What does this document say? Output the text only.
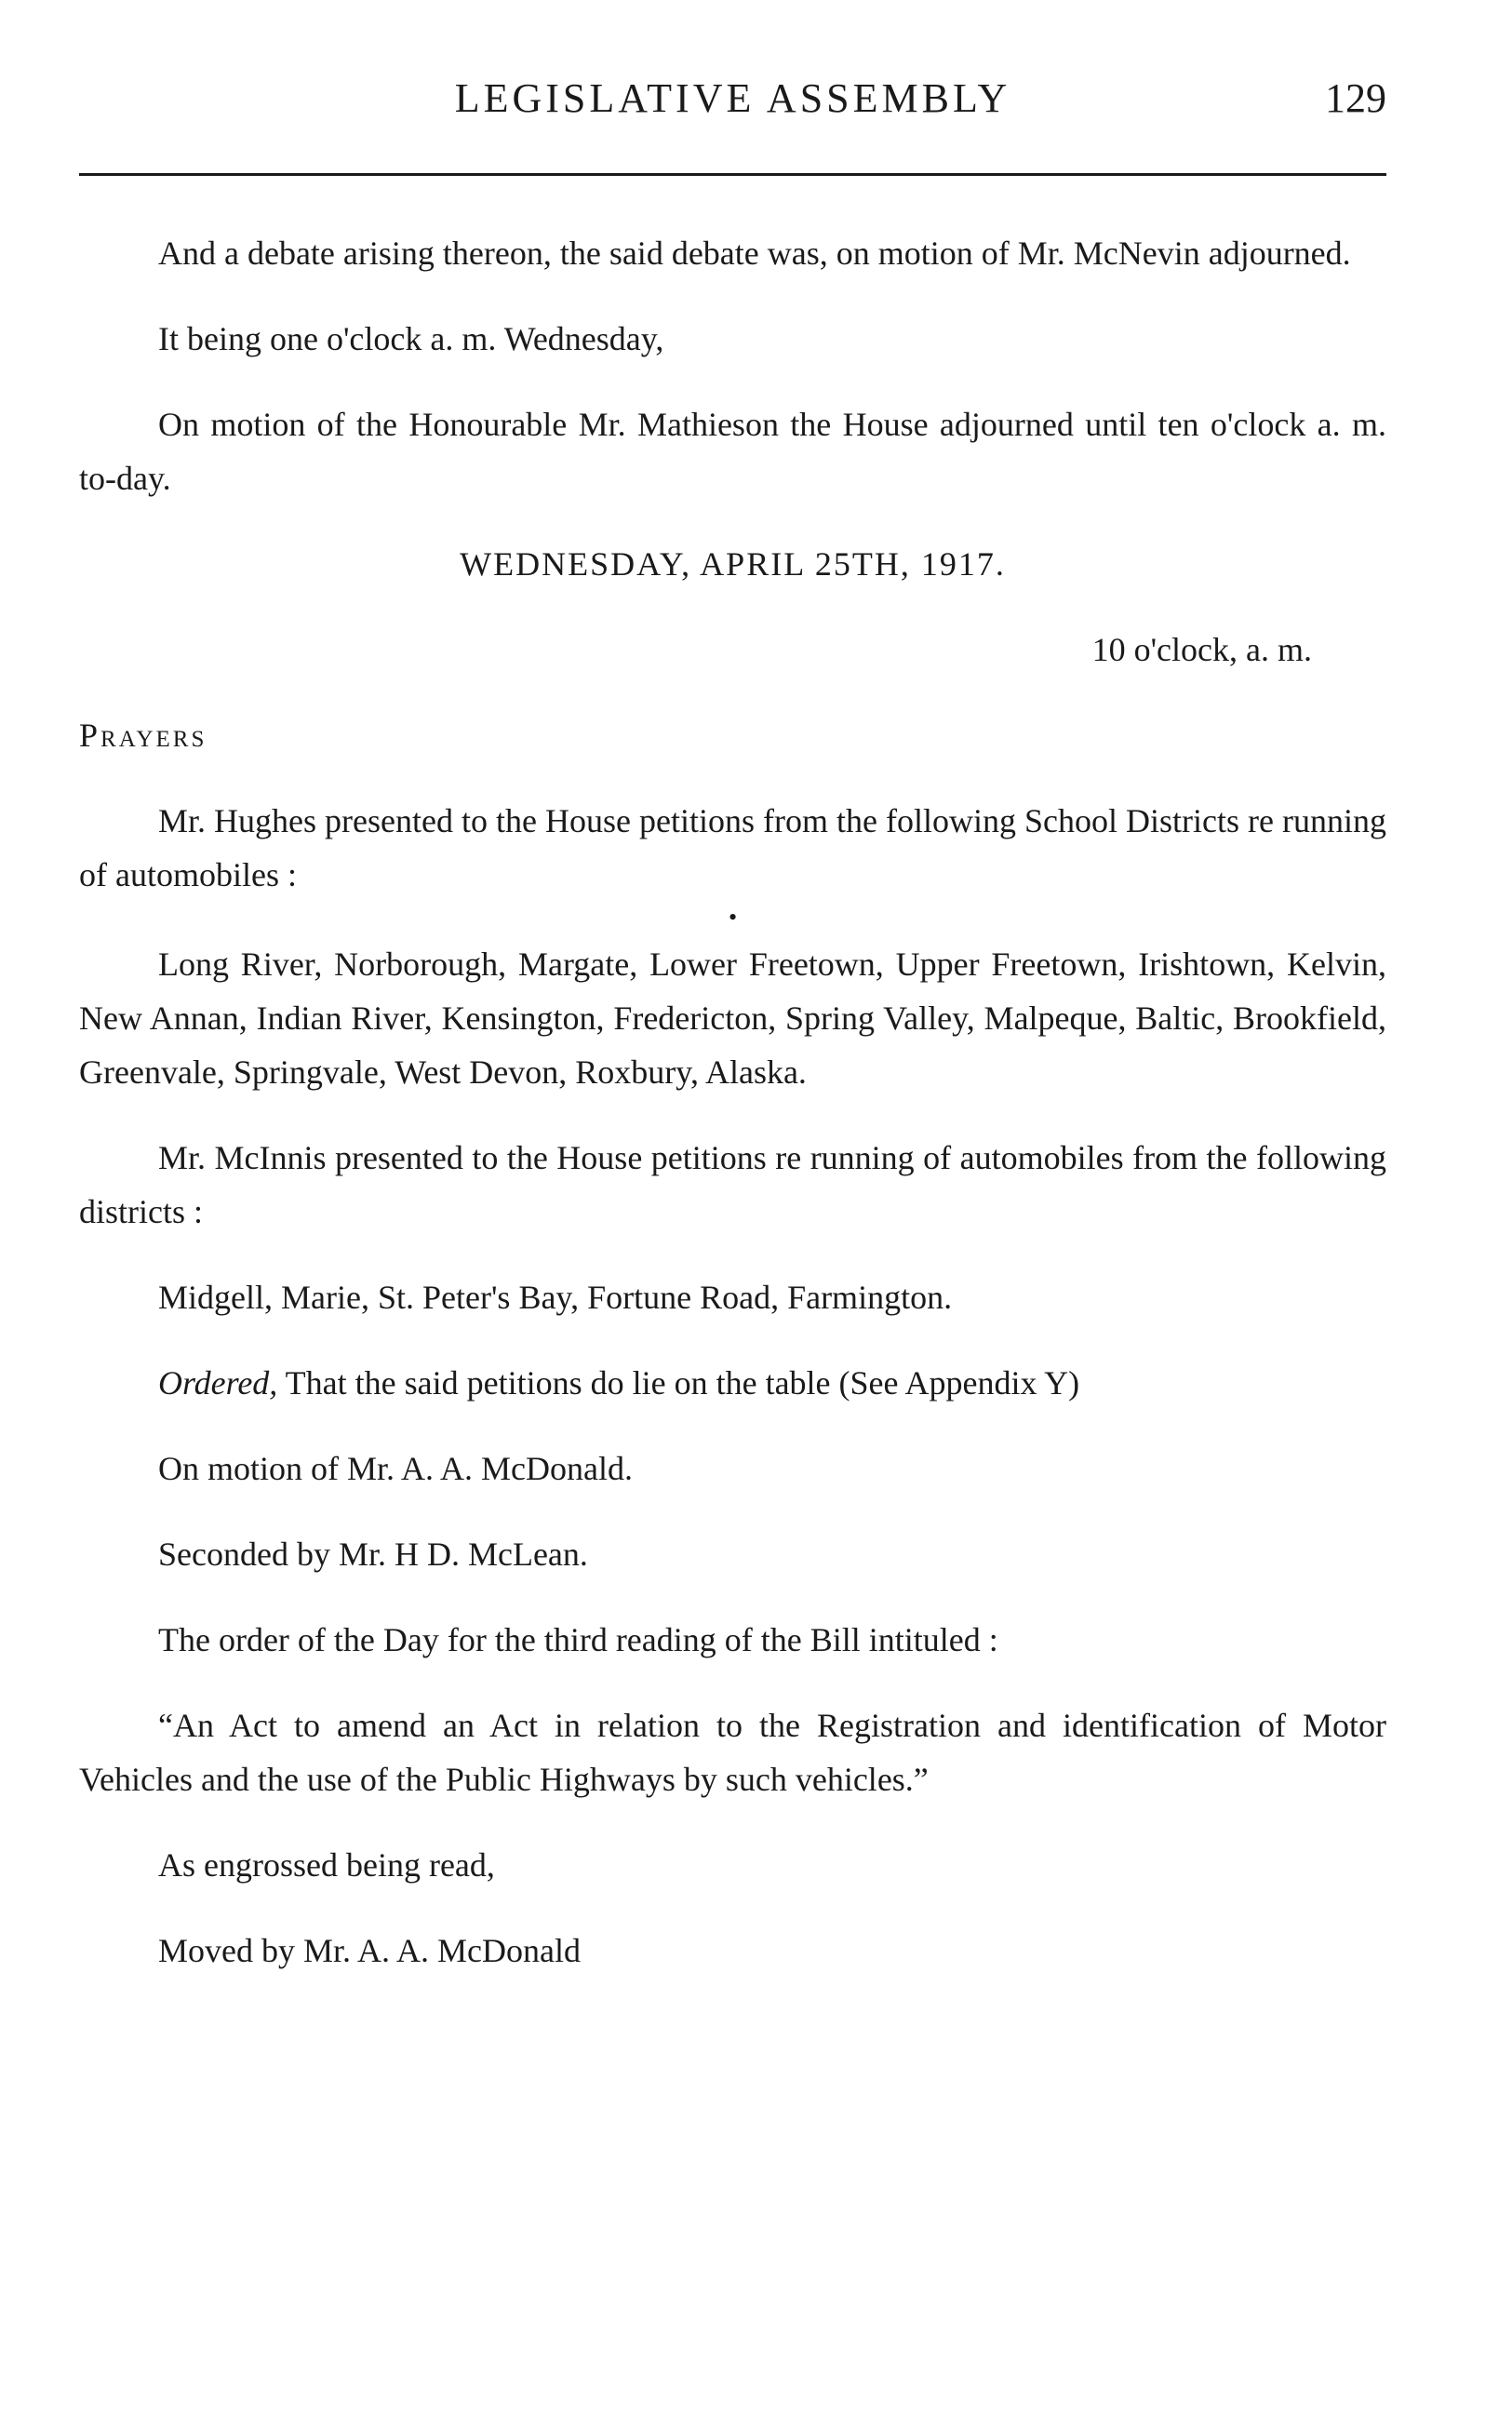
LEGISLATIVE ASSEMBLY	129

And a debate arising thereon, the said debate was, on motion of Mr. McNevin adjourned.

It being one o'clock a. m. Wednesday,

On motion of the Honourable Mr. Mathieson the House adjourned until ten o'clock a. m. to-day.

WEDNESDAY, APRIL 25TH, 1917.

10 o'clock, a. m.

Prayers

Mr. Hughes presented to the House petitions from the following School Districts re running of automobiles :

•

Long River, Norborough, Margate, Lower Freetown, Upper Freetown, Irishtown, Kelvin, New Annan, Indian River, Kensington, Fredericton, Spring Valley, Malpeque, Baltic, Brookfield, Greenvale, Springvale, West Devon, Roxbury, Alaska.

Mr. McInnis presented to the House petitions re running of automobiles from the following districts :

Midgell, Marie, St. Peter's Bay, Fortune Road, Farmington.

Ordered, That the said petitions do lie on the table (See Appendix Y)

On motion of Mr. A. A. McDonald.

Seconded by Mr. H D. McLean.

The order of the Day for the third reading of the Bill intituled :

“An Act to amend an Act in relation to the Registration and identification of Motor Vehicles and the use of the Public Highways by such vehicles.”

As engrossed being read,

Moved by Mr. A. A. McDonald
